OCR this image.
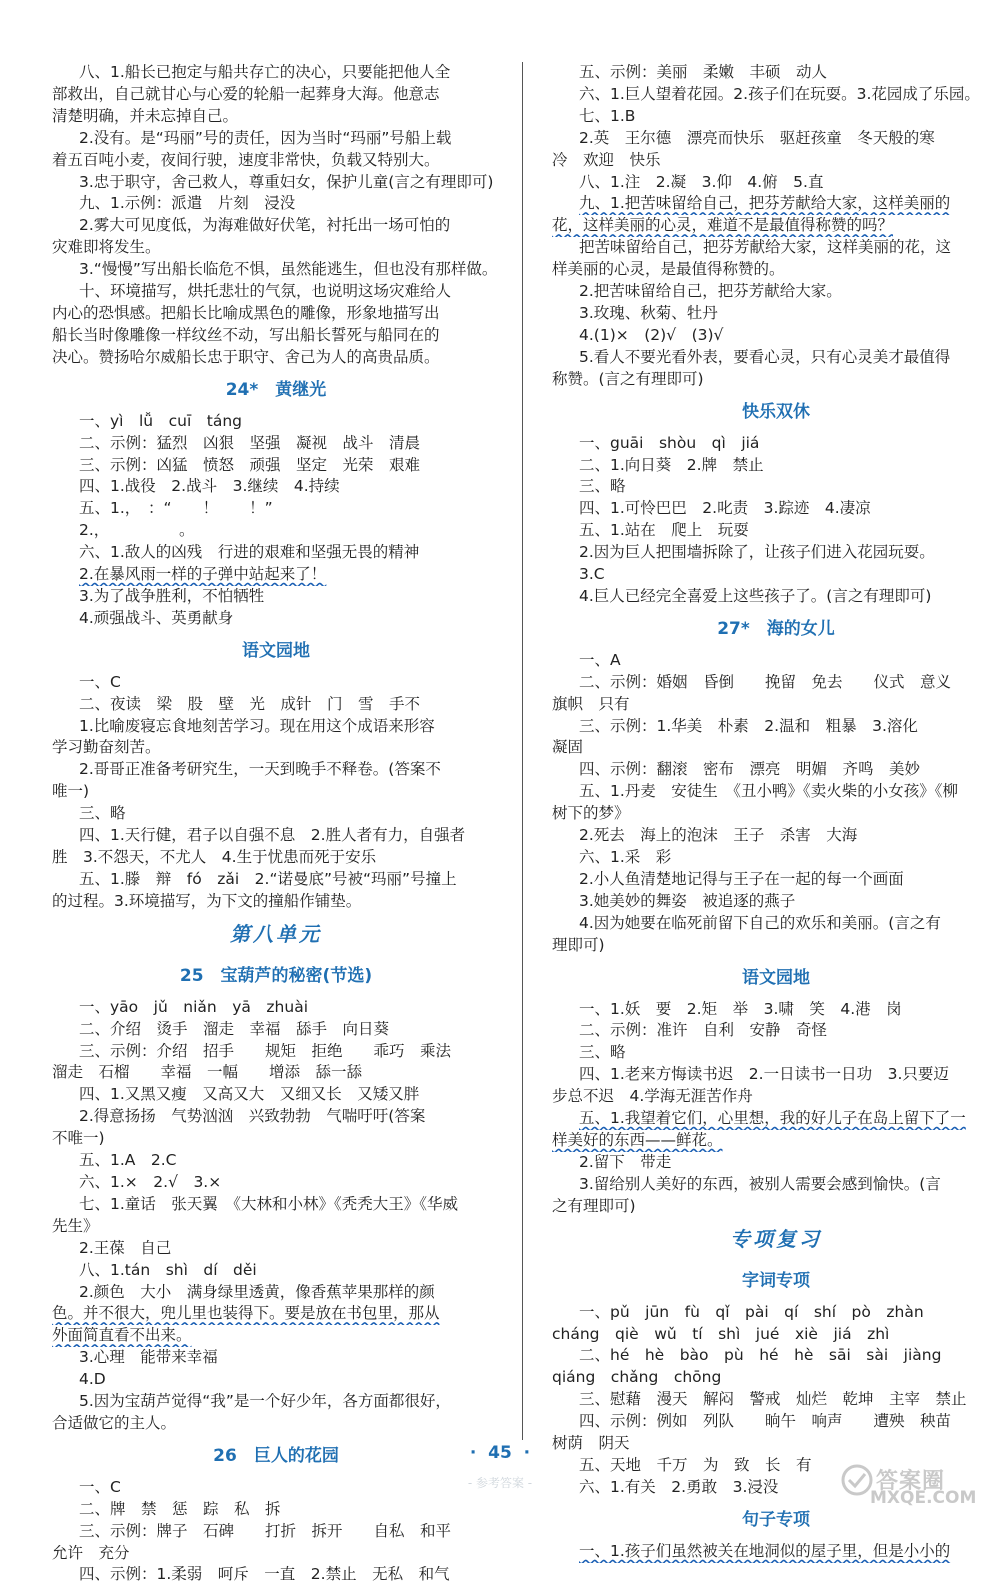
八、1.船长已抱定与船共存亡的决心，只要能把他人全
部救出，自己就甘心与心爱的轮船一起葬身大海。他意志
清楚明确，并未忘掉自己。
2.没有。是“玛丽”号的责任，因为当时“玛丽”号船上载
着五百吨小麦，夜间行驶，速度非常快，负载又特别大。
3.忠于职守，舍己救人，尊重妇女，保护儿童(言之有理即可)
九、1.示例：派遣　片刻　浸没
2.雾大可见度低，为海难做好伏笔，衬托出一场可怕的
灾难即将发生。
3.“慢慢”写出船长临危不惧，虽然能逃生，但也没有那样做。
十、环境描写，烘托悲壮的气氛，也说明这场灾难给人
内心的恐惧感。把船长比喻成黑色的雕像，形象地描写出
船长当时像雕像一样纹丝不动，写出船长誓死与船同在的
决心。赞扬哈尔威船长忠于职守、舍己为人的高贵品质。
24*　黄继光
一、yì　lǚ　cuī　táng
二、示例：猛烈　凶狠　坚强　凝视　战斗　清晨
三、示例：凶猛　愤怒　顽强　坚定　光荣　艰难
四、1.战役　2.战斗　3.继续　4.持续
五、1.，　：“　　！　　！”
2.，　　　　　。
六、1.敌人的凶残　行进的艰难和坚强无畏的精神
2.在暴风雨一样的子弹中站起来了！
3.为了战争胜利，不怕牺牲
4.顽强战斗、英勇献身
语文园地
一、C
二、夜读　梁　股　壁　光　成针　门　雪　手不
1.比喻废寝忘食地刻苦学习。现在用这个成语来形容
学习勤奋刻苦。
2.哥哥正准备考研究生，一天到晚手不释卷。(答案不
唯一)
三、略
四、1.天行健，君子以自强不息　2.胜人者有力，自强者
胜　3.不怨天，不尤人　4.生于忧患而死于安乐
五、1.滕　辩　fó　zǎi　2.“诺曼底”号被“玛丽”号撞上
的过程。3.环境描写，为下文的撞船作铺垫。
第八单元
25　宝葫芦的秘密(节选)
一、yāo　jǔ　niǎn　yā　zhuài
二、介绍　烫手　溜走　幸福　舔手　向日葵
三、示例：介绍　招手　　规矩　拒绝　　乖巧　乘法
溜走　石榴　　幸福　一幅　　增添　舔一舔
四、1.又黑又瘦　又高又大　又细又长　又矮又胖
2.得意扬扬　气势汹汹　兴致勃勃　气喘吁吁(答案
不唯一)
五、1.A　2.C
六、1.×　2.√　3.×
七、1.童话　张天翼　《大林和小林》《秃秃大王》《华威
先生》
2.王葆　自己
八、1.tán　shì　dí　děi
2.颜色　大小　满身绿里透黄，像香蕉苹果那样的颜
色。并不很大，兜儿里也装得下。要是放在书包里，那从
外面简直看不出来。
3.心理　能带来幸福
4.D
5.因为宝葫芦觉得“我”是一个好少年，各方面都很好，
合适做它的主人。
26　巨人的花园
一、C
二、牌　禁　惩　踪　私　拆
三、示例：牌子　石碑　　打折　拆开　　自私　和平
允许　充分
四、示例：1.柔弱　呵斥　一直　2.禁止　无私　和气
五、示例：美丽　柔嫩　丰硕　动人
六、1.巨人望着花园。2.孩子们在玩耍。3.花园成了乐园。
七、1.B
2.英　王尔德　漂亮而快乐　驱赶孩童　冬天般的寒
冷　欢迎　快乐
八、1.注　2.凝　3.仰　4.俯　5.直
九、1.把苦味留给自己，把芬芳献给大家，这样美丽的
花，这样美丽的心灵，难道不是最值得称赞的吗？
把苦味留给自己，把芬芳献给大家，这样美丽的花，这
样美丽的心灵，是最值得称赞的。
2.把苦味留给自己，把芬芳献给大家。
3.玫瑰、秋菊、牡丹
4.(1)×　(2)√　(3)√
5.看人不要光看外表，要看心灵，只有心灵美才最值得
称赞。(言之有理即可)
快乐双休
一、guāi　shòu　qì　jiá
二、1.向日葵　2.牌　禁止
三、略
四、1.可怜巴巴　2.叱责　3.踪迹　4.凄凉
五、1.站在　爬上　玩耍
2.因为巨人把围墙拆除了，让孩子们进入花园玩耍。
3.C
4.巨人已经完全喜爱上这些孩子了。(言之有理即可)
27*　海的女儿
一、A
二、示例：婚姻　昏倒　　挽留　免去　　仪式　意义
旗帜　只有
三、示例：1.华美　朴素　2.温和　粗暴　3.溶化
凝固
四、示例：翻滚　密布　漂亮　明媚　齐鸣　美妙
五、1.丹麦　安徒生　《丑小鸭》《卖火柴的小女孩》《柳
树下的梦》
2.死去　海上的泡沫　王子　杀害　大海
六、1.采　彩
2.小人鱼清楚地记得与王子在一起的每一个画面
3.她美妙的舞姿　被追逐的燕子
4.因为她要在临死前留下自己的欢乐和美丽。(言之有
理即可)
语文园地
一、1.妖　要　2.矩　举　3.啸　笑　4.港　岗
二、示例：准许　自利　安静　奇怪
三、略
四、1.老来方悔读书迟　2.一日读书一日功　3.只要迈
步总不迟　4.学海无涯苦作舟
五、1.我望着它们，心里想，我的好儿子在岛上留下了一
样美好的东西——鲜花。
2.留下　带走
3.留给别人美好的东西，被别人需要会感到愉快。(言
之有理即可)
专项复习
字词专项
一、pǔ　jūn　fù　qǐ　pài　qí　shí　pò　zhàn
cháng　qiè　wǔ　tí　shì　jué　xiè　jiá　zhì
二、hé　hè　bào　pù　hé　hè　sāi　sài　jiàng
qiáng　chǎng　chōng
三、慰藉　漫天　解闷　警戒　灿烂　乾坤　主宰　禁止
四、示例：例如　列队　　晌午　响声　　遭殃　秧苗
树荫　阴天
五、天地　千万　为　致　长　有
六、1.有关　2.勇敢　3.浸没
句子专项
一、1.孩子们虽然被关在地洞似的屋子里，但是小小的
· 45 ·
- 参考答案 -	答案圈
MXQE.COM
